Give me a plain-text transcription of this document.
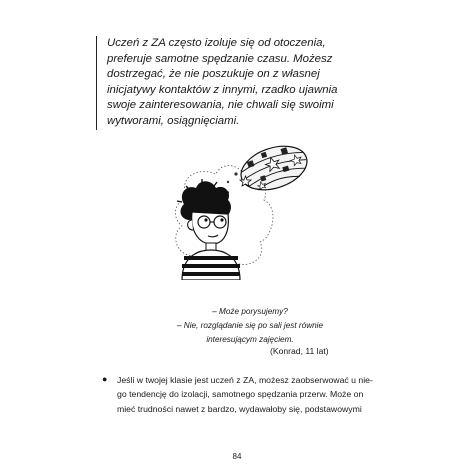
Uczeń z ZA często izoluje się od otoczenia,
preferuje samotne spędzanie czasu. Możesz
dostrzegać, że nie poszukuje on z własnej
inicjatywy kontaktów z innymi, rzadko ujawnia
swoje zainteresowania, nie chwali się swoimi
wytworami, osiągnięciami.
– Może porysujemy?
– Nie, rozglądanie się po sali jest równie
interesującym zajęciem.
(Konrad, 11 lat)
●	Jeśli w twojej klasie jest uczeń z ZA, możesz zaobserwować u nie-
go tendencję do izolacji, samotnego spędzania przerw. Może on
mieć trudności nawet z bardzo, wydawałoby się, podstawowymi
84
